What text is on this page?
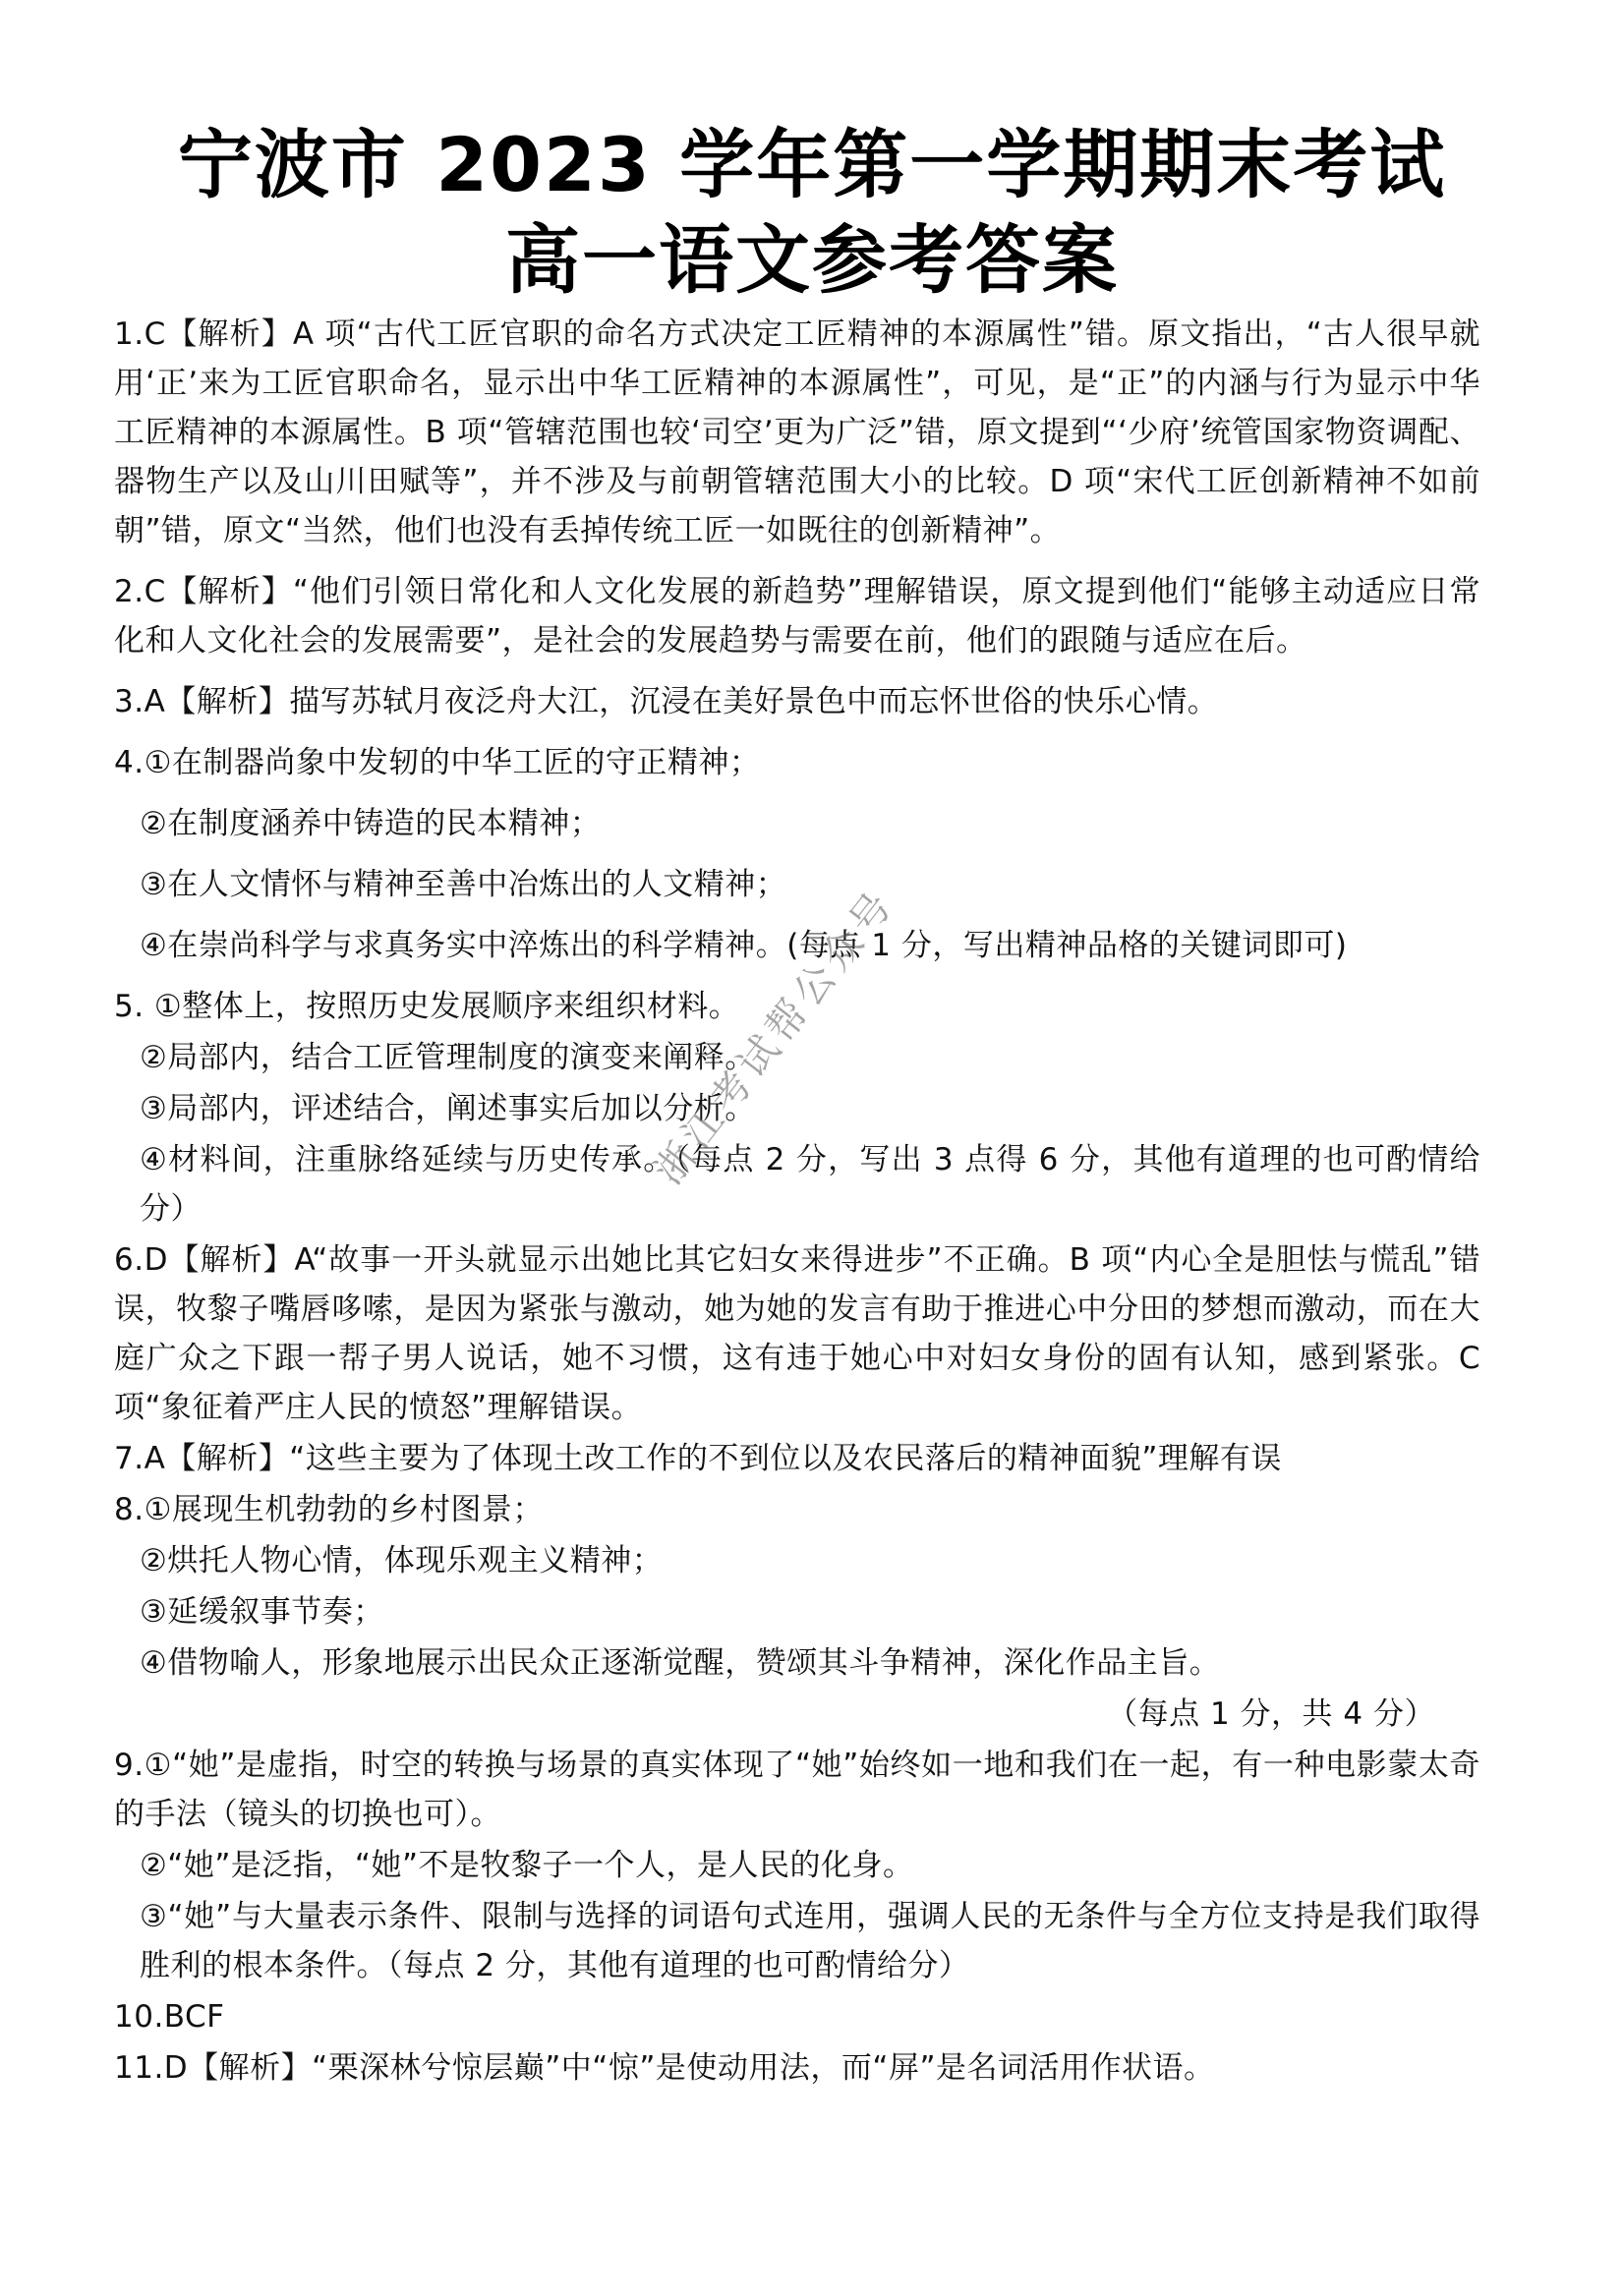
宁波市 2023 学年第一学期期末考试
高一语文参考答案

1.C【解析】A 项“古代工匠官职的命名方式决定工匠精神的本源属性”错。原文指出，“古人很早就用‘正’来为工匠官职命名，显示出中华工匠精神的本源属性”，可见，是“正”的内涵与行为显示中华工匠精神的本源属性。B 项“管辖范围也较‘司空’更为广泛”错，原文提到“‘少府’统管国家物资调配、器物生产以及山川田赋等”，并不涉及与前朝管辖范围大小的比较。D 项“宋代工匠创新精神不如前朝”错，原文“当然，他们也没有丢掉传统工匠一如既往的创新精神”。

2.C【解析】“他们引领日常化和人文化发展的新趋势”理解错误，原文提到他们“能够主动适应日常化和人文化社会的发展需要”，是社会的发展趋势与需要在前，他们的跟随与适应在后。

3.A【解析】描写苏轼月夜泛舟大江，沉浸在美好景色中而忘怀世俗的快乐心情。

4.①在制器尚象中发轫的中华工匠的守正精神；

②在制度涵养中铸造的民本精神；

③在人文情怀与精神至善中冶炼出的人文精神；

④在崇尚科学与求真务实中淬炼出的科学精神。(每点 1 分，写出精神品格的关键词即可)

5. ①整体上，按照历史发展顺序来组织材料。

②局部内，结合工匠管理制度的演变来阐释。

③局部内，评述结合，阐述事实后加以分析。

④材料间，注重脉络延续与历史传承。（每点 2 分，写出 3 点得 6 分，其他有道理的也可酌情给分）

6.D【解析】A“故事一开头就显示出她比其它妇女来得进步”不正确。B 项“内心全是胆怯与慌乱”错误，牧黎子嘴唇哆嗦，是因为紧张与激动，她为她的发言有助于推进心中分田的梦想而激动，而在大庭广众之下跟一帮子男人说话，她不习惯，这有违于她心中对妇女身份的固有认知，感到紧张。C 项“象征着严庄人民的愤怒”理解错误。

7.A【解析】“这些主要为了体现土改工作的不到位以及农民落后的精神面貌”理解有误

8.①展现生机勃勃的乡村图景；

②烘托人物心情，体现乐观主义精神；

③延缓叙事节奏；

④借物喻人，形象地展示出民众正逐渐觉醒，赞颂其斗争精神，深化作品主旨。

（每点 1 分，共 4 分）

9.①“她”是虚指，时空的转换与场景的真实体现了“她”始终如一地和我们在一起，有一种电影蒙太奇的手法（镜头的切换也可）。

②“她”是泛指，“她”不是牧黎子一个人，是人民的化身。

③“她”与大量表示条件、限制与选择的词语句式连用，强调人民的无条件与全方位支持是我们取得胜利的根本条件。（每点 2 分，其他有道理的也可酌情给分）

10.BCF

11.D【解析】“栗深林兮惊层巅”中“惊”是使动用法，而“屏”是名词活用作状语。

浙江考试帮公众号
